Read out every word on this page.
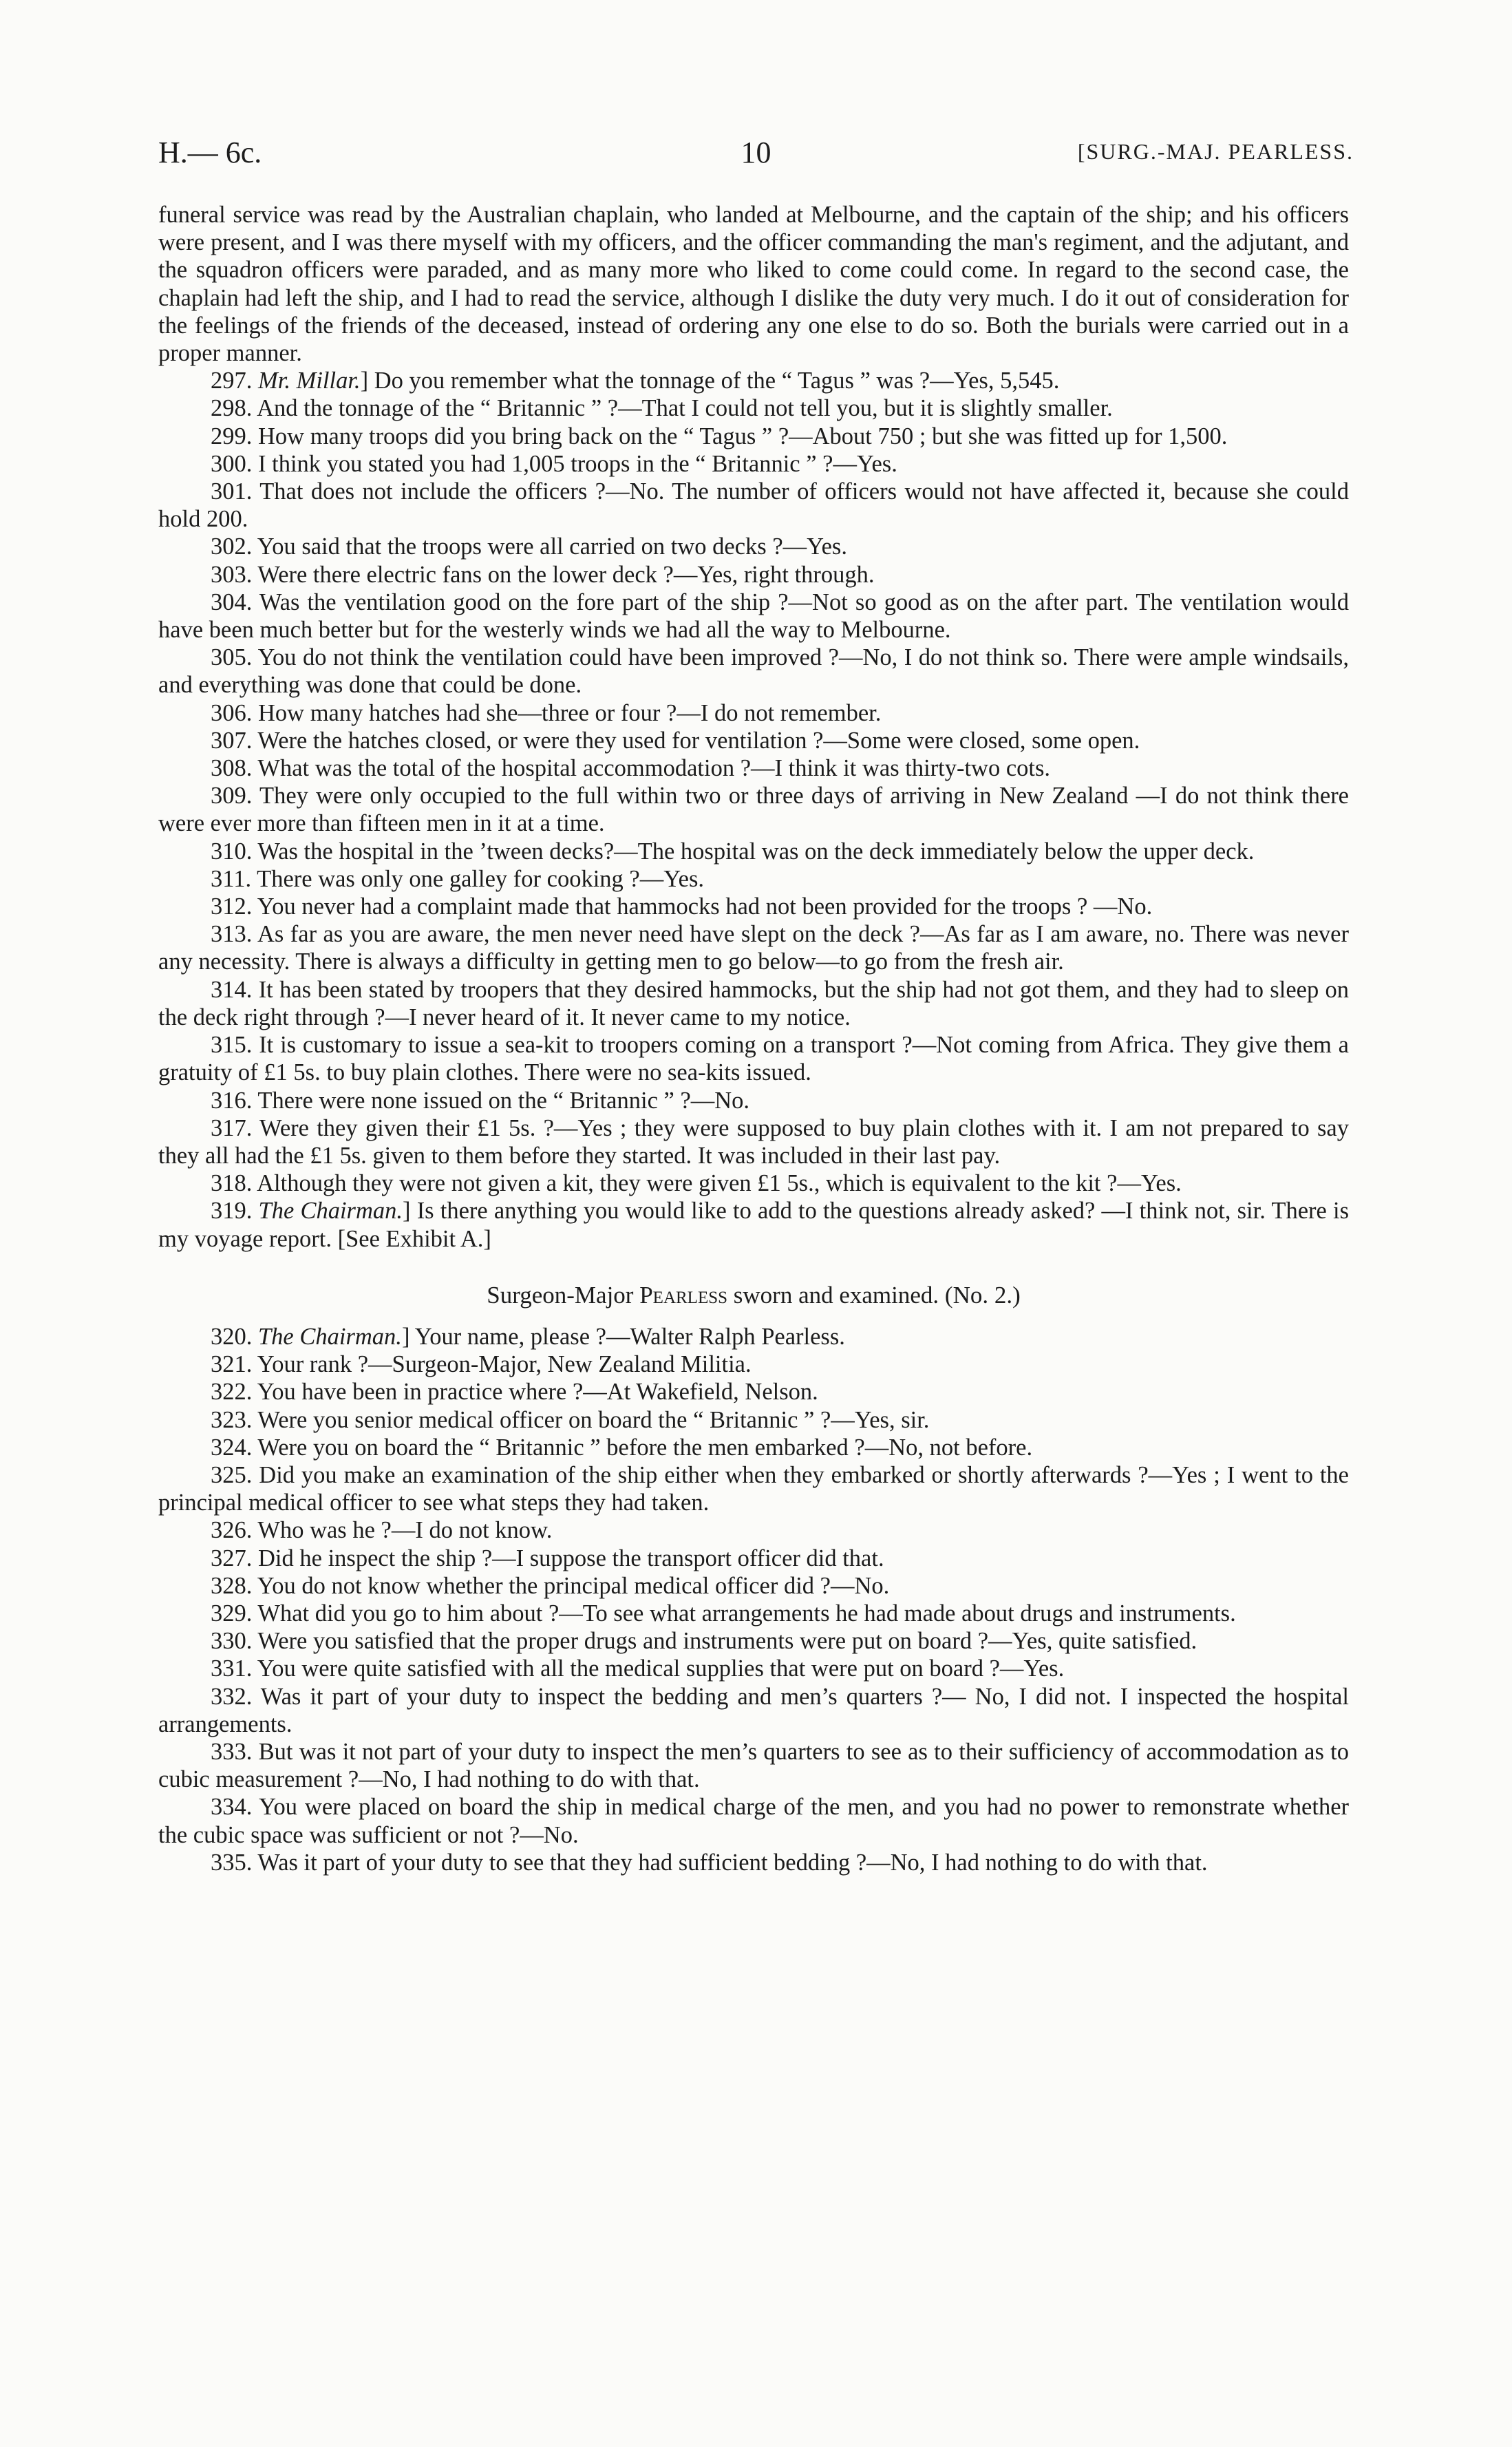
H.— 6c.	10	[SURG.-MAJ. PEARLESS.

funeral service was read by the Australian chaplain, who landed at Melbourne, and the captain of the ship; and his officers were present, and I was there myself with my officers, and the officer commanding the man's regiment, and the adjutant, and the squadron officers were paraded, and as many more who liked to come could come. In regard to the second case, the chaplain had left the ship, and I had to read the service, although I dislike the duty very much. I do it out of consideration for the feelings of the friends of the deceased, instead of ordering any one else to do so. Both the burials were carried out in a proper manner.

297. Mr. Millar.] Do you remember what the tonnage of the “ Tagus ” was ?—Yes, 5,545.

298. And the tonnage of the “ Britannic ” ?—That I could not tell you, but it is slightly smaller.

299. How many troops did you bring back on the “ Tagus ” ?—About 750 ; but she was fitted up for 1,500.

300. I think you stated you had 1,005 troops in the “ Britannic ” ?—Yes.

301. That does not include the officers ?—No. The number of officers would not have affected it, because she could hold 200.

302. You said that the troops were all carried on two decks ?—Yes.

303. Were there electric fans on the lower deck ?—Yes, right through.

304. Was the ventilation good on the fore part of the ship ?—Not so good as on the after part. The ventilation would have been much better but for the westerly winds we had all the way to Melbourne.

305. You do not think the ventilation could have been improved ?—No, I do not think so. There were ample windsails, and everything was done that could be done.

306. How many hatches had she—three or four ?—I do not remember.

307. Were the hatches closed, or were they used for ventilation ?—Some were closed, some open.

308. What was the total of the hospital accommodation ?—I think it was thirty-two cots.

309. They were only occupied to the full within two or three days of arriving in New Zealand —I do not think there were ever more than fifteen men in it at a time.

310. Was the hospital in the ’tween decks?—The hospital was on the deck immediately below the upper deck.

311. There was only one galley for cooking ?—Yes.

312. You never had a complaint made that hammocks had not been provided for the troops ? —No.

313. As far as you are aware, the men never need have slept on the deck ?—As far as I am aware, no. There was never any necessity. There is always a difficulty in getting men to go below—to go from the fresh air.

314. It has been stated by troopers that they desired hammocks, but the ship had not got them, and they had to sleep on the deck right through ?—I never heard of it. It never came to my notice.

315. It is customary to issue a sea-kit to troopers coming on a transport ?—Not coming from Africa. They give them a gratuity of £1 5s. to buy plain clothes. There were no sea-kits issued.

316. There were none issued on the “ Britannic ” ?—No.

317. Were they given their £1 5s. ?—Yes ; they were supposed to buy plain clothes with it. I am not prepared to say they all had the £1 5s. given to them before they started. It was included in their last pay.

318. Although they were not given a kit, they were given £1 5s., which is equivalent to the kit ?—Yes.

319. The Chairman.] Is there anything you would like to add to the questions already asked? —I think not, sir. There is my voyage report. [See Exhibit A.]

Surgeon-Major Pearless sworn and examined. (No. 2.)

320. The Chairman.] Your name, please ?—Walter Ralph Pearless.

321. Your rank ?—Surgeon-Major, New Zealand Militia.

322. You have been in practice where ?—At Wakefield, Nelson.

323. Were you senior medical officer on board the “ Britannic ” ?—Yes, sir.

324. Were you on board the “ Britannic ” before the men embarked ?—No, not before.

325. Did you make an examination of the ship either when they embarked or shortly afterwards ?—Yes ; I went to the principal medical officer to see what steps they had taken.

326. Who was he ?—I do not know.

327. Did he inspect the ship ?—I suppose the transport officer did that.

328. You do not know whether the principal medical officer did ?—No.

329. What did you go to him about ?—To see what arrangements he had made about drugs and instruments.

330. Were you satisfied that the proper drugs and instruments were put on board ?—Yes, quite satisfied.

331. You were quite satisfied with all the medical supplies that were put on board ?—Yes.

332. Was it part of your duty to inspect the bedding and men’s quarters ?— No, I did not. I inspected the hospital arrangements.

333. But was it not part of your duty to inspect the men’s quarters to see as to their sufficiency of accommodation as to cubic measurement ?—No, I had nothing to do with that.

334. You were placed on board the ship in medical charge of the men, and you had no power to remonstrate whether the cubic space was sufficient or not ?—No.

335. Was it part of your duty to see that they had sufficient bedding ?—No, I had nothing to do with that.
